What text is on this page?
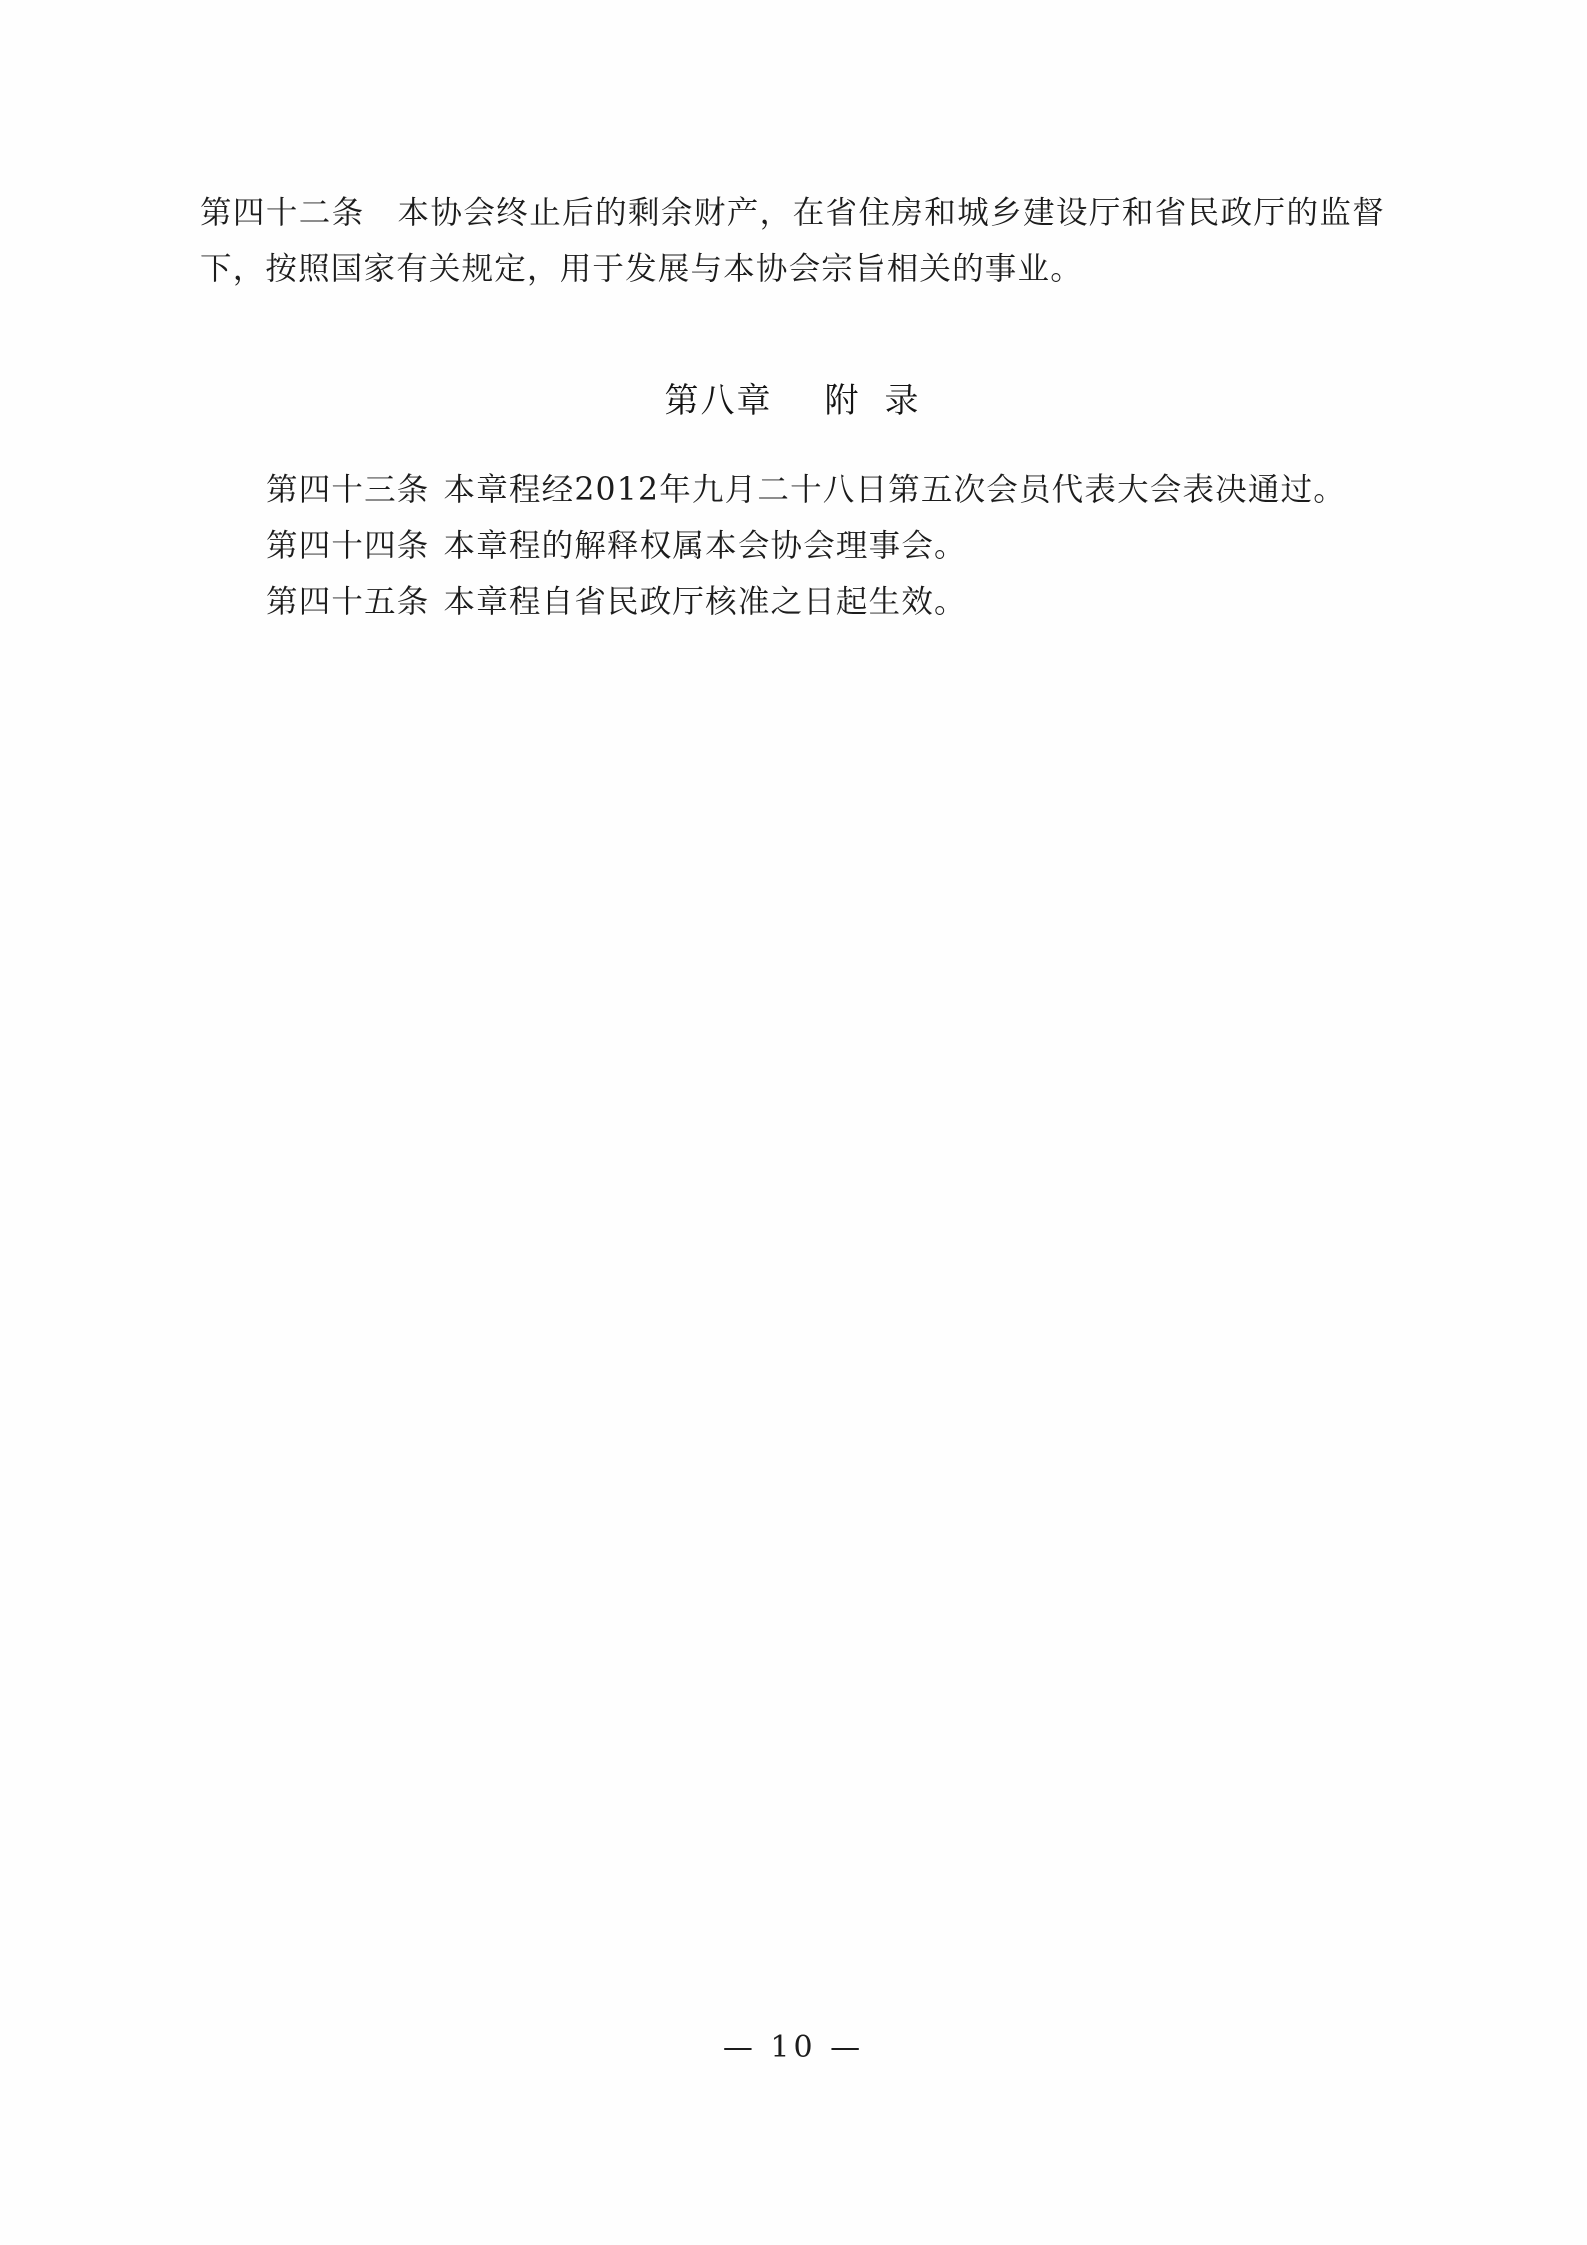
第四十二条　本协会终止后的剩余财产，在省住房和城乡建设厅和省民政厅的监督下，按照国家有关规定，用于发展与本协会宗旨相关的事业。

第八章 附 录

第四十三条 本章程经2012年九月二十八日第五次会员代表大会表决通过。

第四十四条 本章程的解释权属本会协会理事会。

第四十五条 本章程自省民政厅核准之日起生效。

— 10 —
